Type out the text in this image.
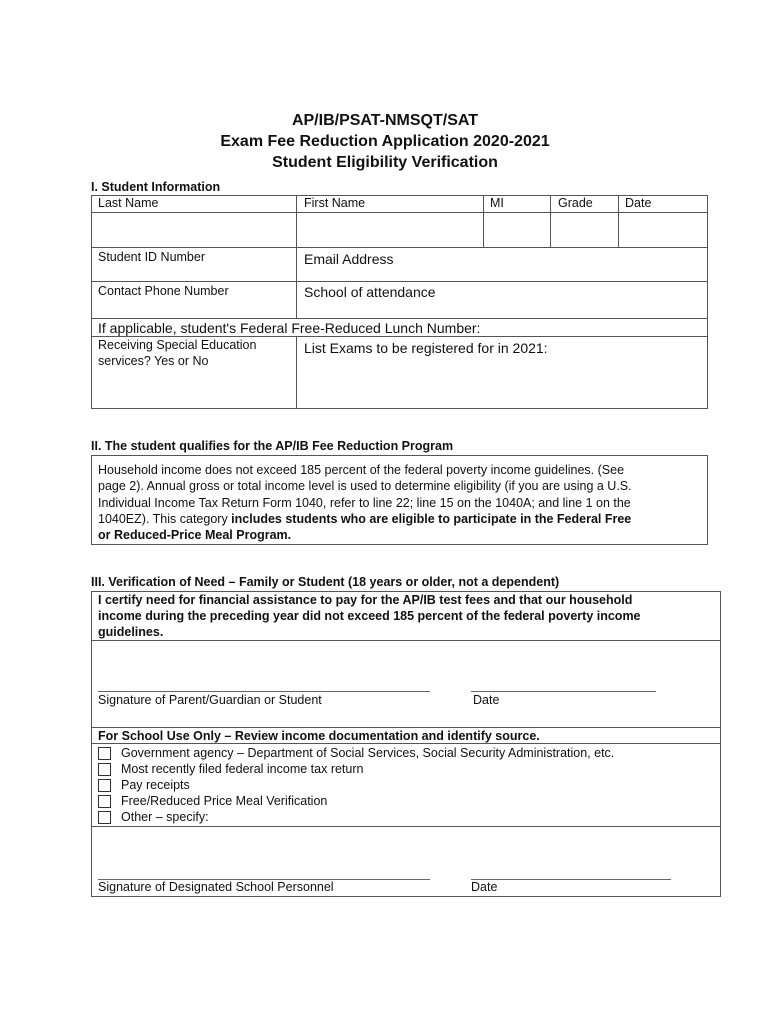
AP/IB/PSAT-NMSQT/SAT
Exam Fee Reduction Application 2020-2021
Student Eligibility Verification
I. Student Information
Last Name	First Name	MI	Grade	Date
Student ID Number	Email Address
Contact Phone Number	School of attendance
If applicable, student's Federal Free-Reduced Lunch Number:
Receiving Special Education
services? Yes or No
List Exams to be registered for in 2021:
II. The student qualifies for the AP/IB Fee Reduction Program
Household income does not exceed 185 percent of the federal poverty income guidelines. (See
page 2). Annual gross or total income level is used to determine eligibility (if you are using a U.S.
Individual Income Tax Return Form 1040, refer to line 22; line 15 on the 1040A; and line 1 on the
1040EZ). This category includes students who are eligible to participate in the Federal Free
or Reduced-Price Meal Program.
III. Verification of Need – Family or Student (18 years or older, not a dependent)
I certify need for financial assistance to pay for the AP/IB test fees and that our household
income during the preceding year did not exceed 185 percent of the federal poverty income
guidelines.
Signature of Parent/Guardian or Student	Date
For School Use Only – Review income documentation and identify source.
Government agency – Department of Social Services, Social Security Administration, etc.
Most recently filed federal income tax return
Pay receipts
Free/Reduced Price Meal Verification
Other – specify:
Signature of Designated School Personnel	Date
